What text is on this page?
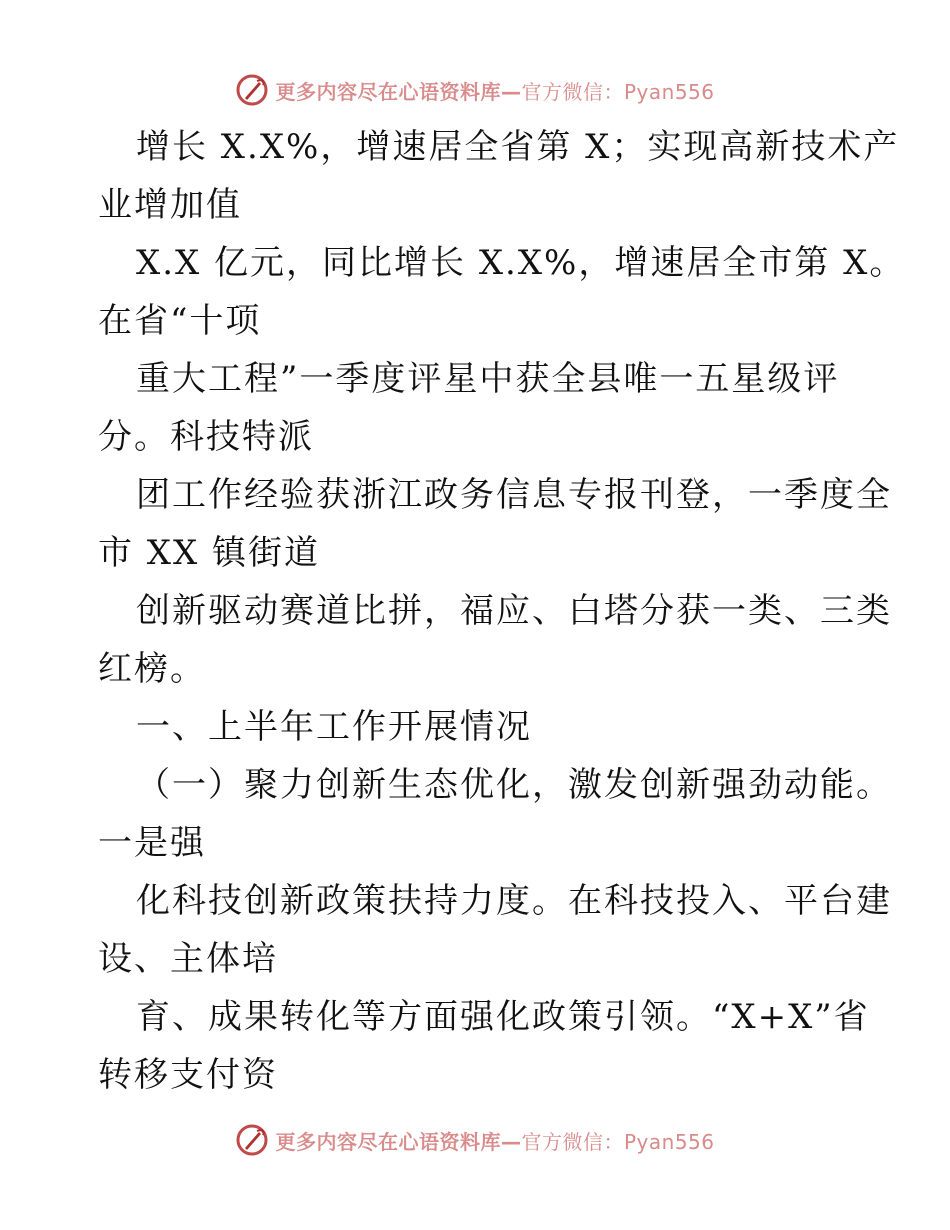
更多内容尽在心语资料库—官方微信：Pyan556
增长 X.X%，增速居全省第 X；实现高新技术产
业增加值
X.X 亿元，同比增长 X.X%，增速居全市第 X。
在省“十项
重大工程”一季度评星中获全县唯一五星级评
分。科技特派
团工作经验获浙江政务信息专报刊登，一季度全
市 XX 镇街道
创新驱动赛道比拼，福应、白塔分获一类、三类
红榜。
一、上半年工作开展情况
（一）聚力创新生态优化，激发创新强劲动能。
一是强
化科技创新政策扶持力度。在科技投入、平台建
设、主体培
育、成果转化等方面强化政策引领。“X+X”省
转移支付资
更多内容尽在心语资料库—官方微信：Pyan556
